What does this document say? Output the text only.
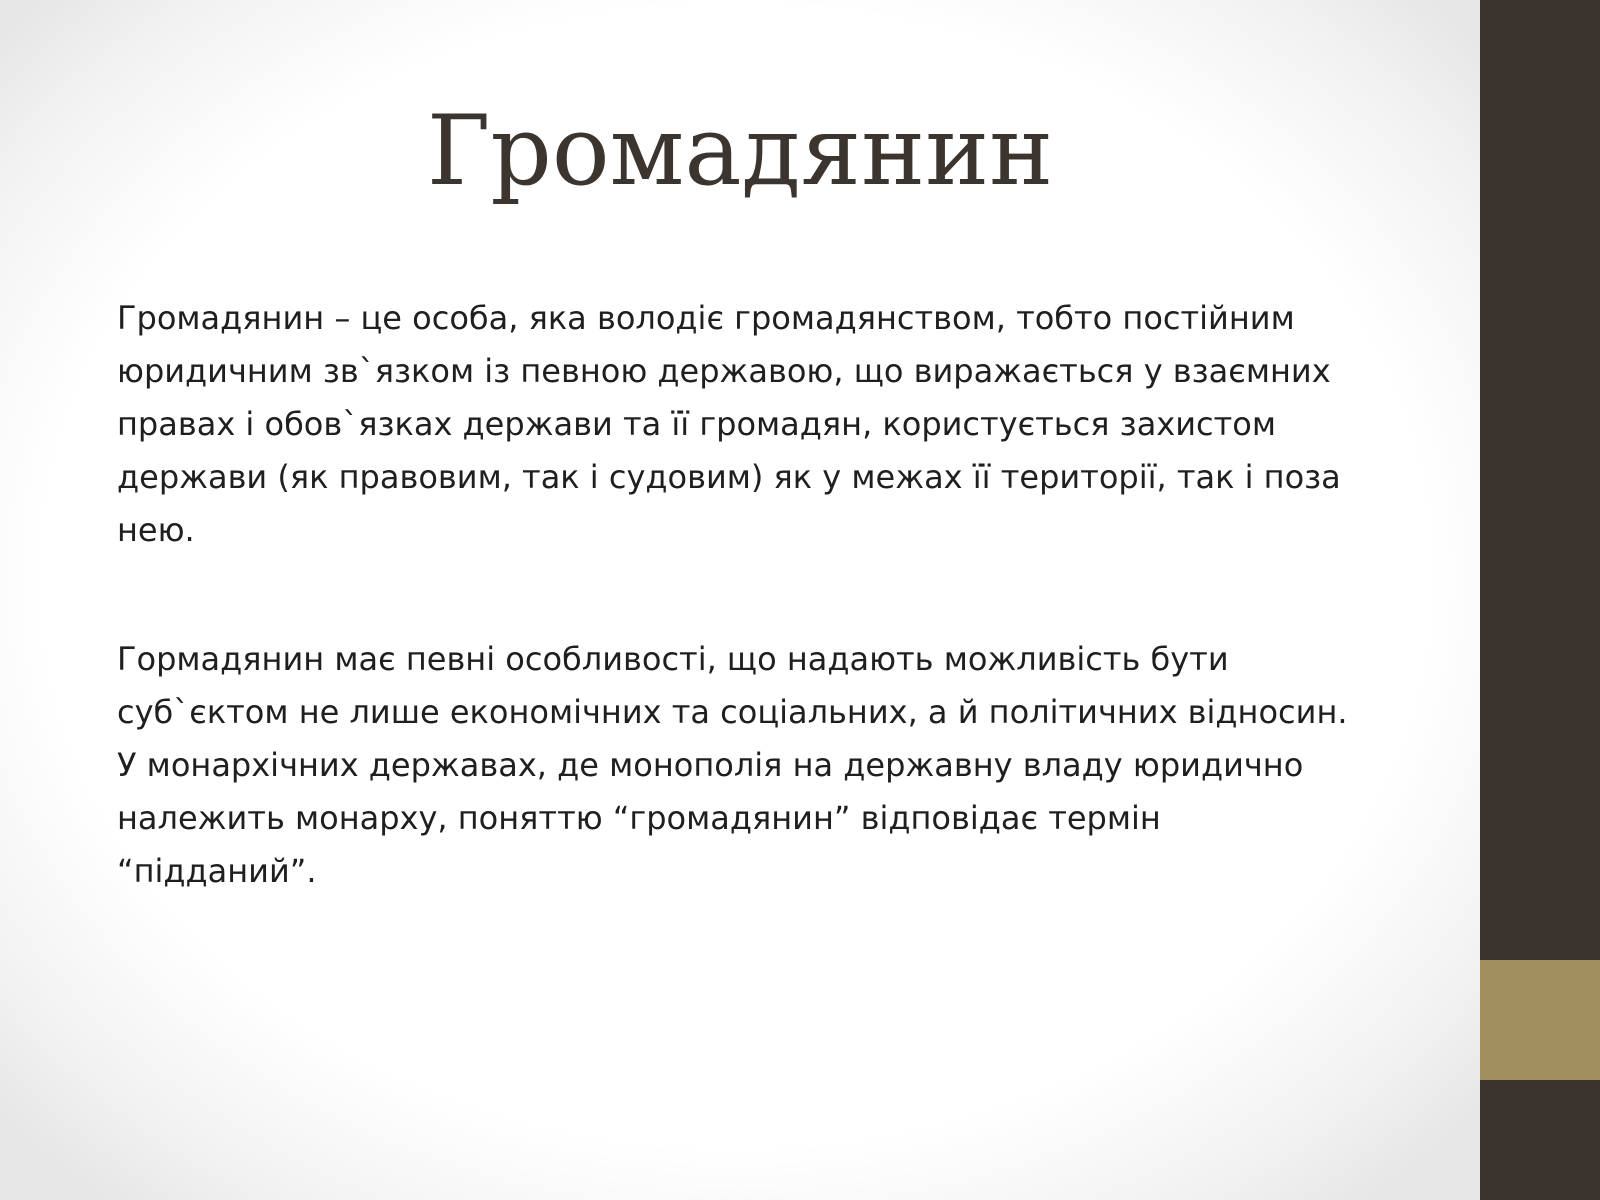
Громадянин

Громадянин – це особа, яка володіє громадянством, тобто постійним юридичним зв`язком із певною державою, що виражається у взаємних правах і обов`язках держави та її громадян, користується захистом держави (як правовим, так і судовим) як у межах її території, так і поза нею.

Гормадянин має певні особливості, що надають можливість бути суб`єктом не лише економічних та соціальних, а й політичних відносин. У монархічних державах, де монополія на державну владу юридично належить монарху, поняттю “громадянин” відповідає термін “підданий”.
